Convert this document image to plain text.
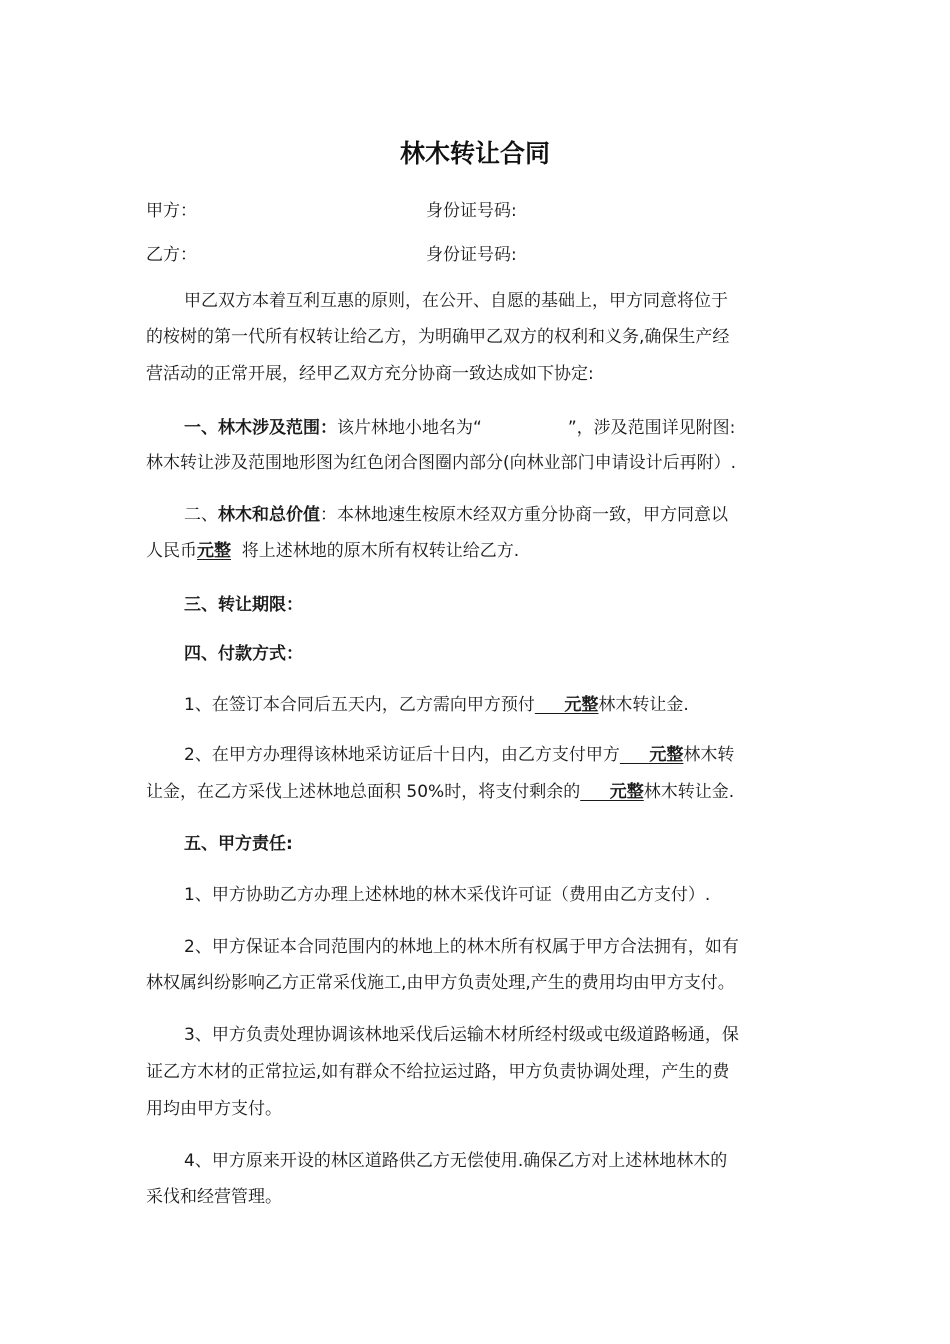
林木转让合同
甲方：	身份证号码:
乙方：	身份证号码:
甲乙双方本着互利互惠的原则，在公开、自愿的基础上，甲方同意将位于
的桉树的第一代所有权转让给乙方，为明确甲乙双方的权利和义务,确保生产经
营活动的正常开展，经甲乙双方充分协商一致达成如下协定:
一、林木涉及范围：该片林地小地名为“	”，涉及范围详见附图:
林木转让涉及范围地形图为红色闭合图圈内部分(向林业部门申请设计后再附）.
二、林木和总价值：本林地速生桉原木经双方重分协商一致，甲方同意以
人民币元整  将上述林地的原木所有权转让给乙方.
三、转让期限：
四、付款方式：
1、在签订本合同后五天内，乙方需向甲方预付     元整林木转让金.
2、在甲方办理得该林地采访证后十日内，由乙方支付甲方     元整林木转
让金，在乙方采伐上述林地总面积 50%时，将支付剩余的     元整林木转让金.
五、甲方责任:
1、甲方协助乙方办理上述林地的林木采伐许可证（费用由乙方支付）.
2、甲方保证本合同范围内的林地上的林木所有权属于甲方合法拥有，如有
林权属纠纷影响乙方正常采伐施工,由甲方负责处理,产生的费用均由甲方支付。
3、甲方负责处理协调该林地采伐后运输木材所经村级或屯级道路畅通，保
证乙方木材的正常拉运,如有群众不给拉运过路，甲方负责协调处理，产生的费
用均由甲方支付。
4、甲方原来开设的林区道路供乙方无偿使用.确保乙方对上述林地林木的
采伐和经营管理。
